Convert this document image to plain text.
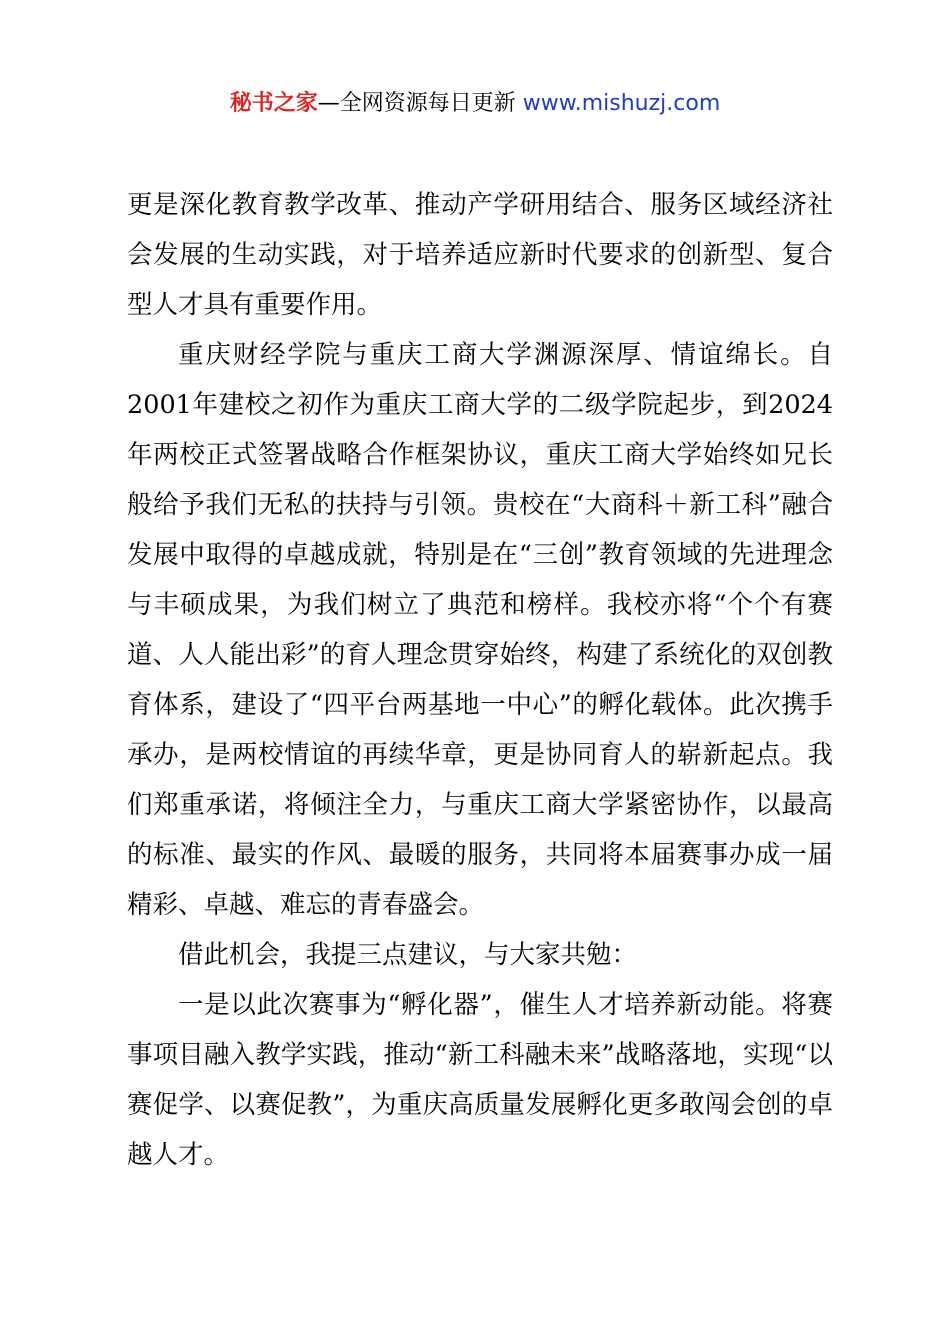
秘书之家—全网资源每日更新 www.mishuzj.com

更是深化教育教学改革、推动产学研用结合、服务区域经济社会发展的生动实践，对于培养适应新时代要求的创新型、复合型人才具有重要作用。

重庆财经学院与重庆工商大学渊源深厚、情谊绵长。自2001年建校之初作为重庆工商大学的二级学院起步，到2024年两校正式签署战略合作框架协议，重庆工商大学始终如兄长般给予我们无私的扶持与引领。贵校在“大商科＋新工科”融合发展中取得的卓越成就，特别是在“三创”教育领域的先进理念与丰硕成果，为我们树立了典范和榜样。我校亦将“个个有赛道、人人能出彩”的育人理念贯穿始终，构建了系统化的双创教育体系，建设了“四平台两基地一中心”的孵化载体。此次携手承办，是两校情谊的再续华章，更是协同育人的崭新起点。我们郑重承诺，将倾注全力，与重庆工商大学紧密协作，以最高的标准、最实的作风、最暖的服务，共同将本届赛事办成一届精彩、卓越、难忘的青春盛会。

借此机会，我提三点建议，与大家共勉：

一是以此次赛事为“孵化器”，催生人才培养新动能。将赛事项目融入教学实践，推动“新工科融未来”战略落地，实现“以赛促学、以赛促教”，为重庆高质量发展孵化更多敢闯会创的卓越人才。
